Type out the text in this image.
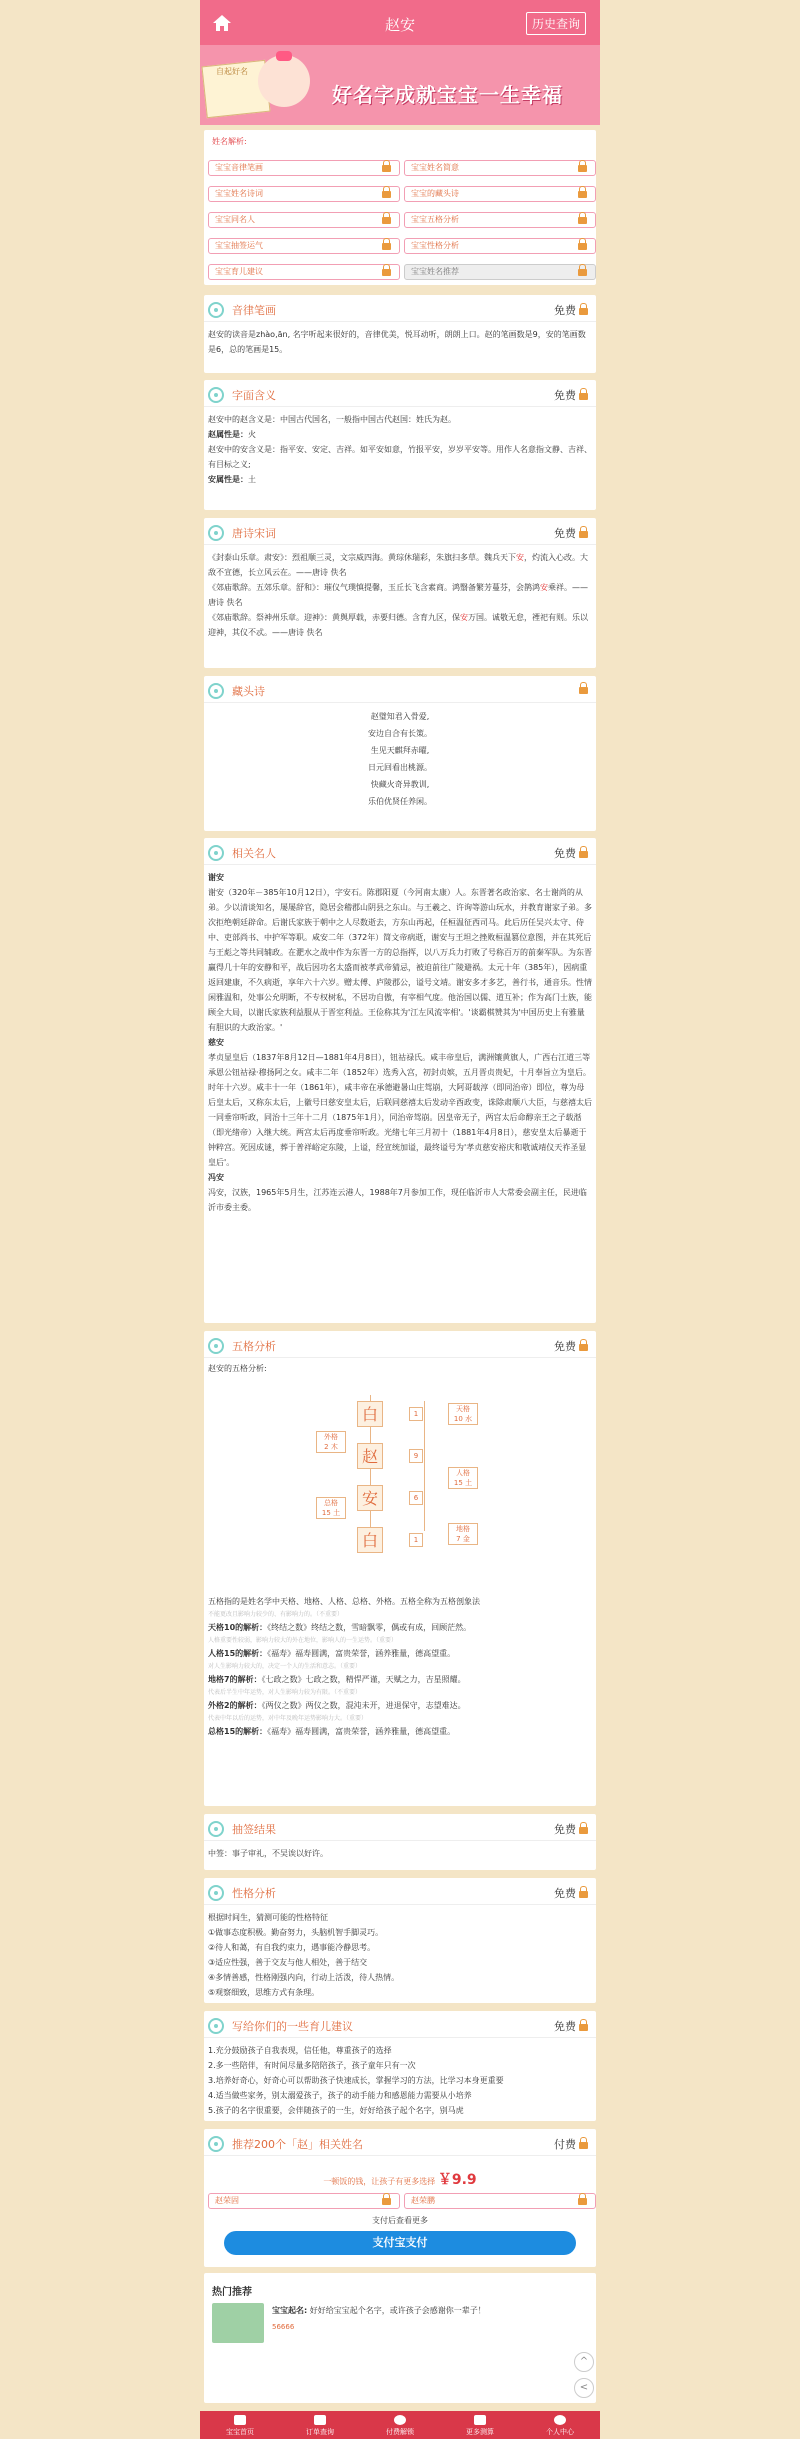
赵安	历史查询
自起好名
好名字成就宝宝一生幸福
姓名解析:
宝宝音律笔画	宝宝姓名简意
宝宝姓名诗词	宝宝的藏头诗
宝宝同名人	宝宝五格分析
宝宝抽签运气	宝宝性格分析
宝宝育儿建议	宝宝姓名推荐
音律笔画	免费
赵安的读音是zhào,ān, 名字听起来很好的，音律优美，悦耳动听，朗朗上口。赵的笔画数是9，安的笔画数是6，总的笔画是15。
字面含义	免费

赵安中的赵含义是：中国古代国名，一般指中国古代赵国：姓氏为赵。

赵属性是：火

赵安中的安含义是：指平安、安定、吉祥。如平安如意，竹报平安，岁岁平安等。用作人名意指文静、吉祥、有目标之义;

安属性是：土

唐诗宋词	免费

《封泰山乐章。肃安》：烈祖顺三灵，文宗威四海。黄琮休瑞彩，朱旗扫多草。魏兵天下安，灼流入心改。大敌不宣德，长立风云在。——唐诗 佚名

《郊庙歌辞。五郊乐章。舒和》：璀仪气璞慎提馨，玉丘长飞含素商。鸿翳备繁芳蔓芬，会鹊鸿安乘祥。——唐诗 佚名

《郊庙歌辞。祭神州乐章。迎神》：黄舆厚载，赤要归德。含育九区，保安万国。诚敬无怠，禋祀有则。乐以迎神，其仪不忒。——唐诗 佚名

藏头诗
赵璧知君入骨爱,
安边自合有长策。
生见天麒拜赤曜,
日元回看出桃源。
快藏火奇异教训,
乐伯优贤任养闲。
相关名人	免费

谢安

谢安（320年－385年10月12日），字安石。陈郡阳夏（今河南太康）人。东晋著名政治家、名士谢尚的从弟。少以清谈知名，屡屡辞官，隐居会稽郡山阴县之东山。与王羲之、许询等游山玩水，并教育谢家子弟。多次拒绝朝廷辟命。后谢氏家族于朝中之人尽数逝去，方东山再起，任桓温征西司马。此后历任吴兴太守、侍中、吏部尚书、中护军等职。咸安二年（372年）简文帝病逝，谢安与王坦之挫败桓温篡位意图，并在其死后与王彪之等共同辅政。在淝水之战中作为东晋一方的总指挥，以八万兵力打败了号称百万的前秦军队。为东晋赢得几十年的安静和平，战后因功名太盛而被孝武帝猜忌，被迫前往广陵避祸。太元十年（385年），因病重返回建康，不久病逝，享年六十六岁。赠太傅、庐陵郡公，谥号文靖。谢安多才多艺，善行书，通音乐。性情闲雅温和，处事公允明断，不专权树私，不居功自傲，有宰相气度。他治国以儒、道互补；作为高门士族，能顾全大局，以谢氏家族利益服从于晋室利益。王俭称其为'江左风流宰相'。'谈霸棋赞其为'中国历史上有雅量有胆识的大政治家。'

慈安

孝贞显皇后（1837年8月12日—1881年4月8日），钮祜禄氏。咸丰帝皇后，满洲镶黄旗人，广西右江道三等承恩公钮祜禄·穆扬阿之女。咸丰二年（1852年）选秀入宫，初封贞嫔，五月晋贞贵妃，十月奉旨立为皇后。时年十六岁。咸丰十一年（1861年），咸丰帝在承德避暑山庄驾崩，大阿哥载淳（即同治帝）即位，尊为母后皇太后，又称东太后，上徽号曰慈安皇太后，后联同慈禧太后发动辛酉政变，诛除肃顺八大臣，与慈禧太后一同垂帘听政，同治十三年十二月（1875年1月），同治帝驾崩。因皇帝无子，两宫太后命醇亲王之子载湉（即光绪帝）入继大统。两宫太后再度垂帘听政。光绪七年三月初十（1881年4月8日），慈安皇太后暴逝于钟粹宫。死因成谜，葬于普祥峪定东陵，上谥，经宣统加谥，最终谥号为'孝贞慈安裕庆和敬诚靖仪天祚圣显皇后'。

冯安

冯安，汉族，1965年5月生，江苏连云港人，1988年7月参加工作，现任临沂市人大常委会副主任，民进临沂市委主委。

五格分析	免费
赵安的五格分析:
白
赵
安
白
1
9
6
1
天格
10 水
人格
15 土
地格
7 金
外格
2 木
总格
15 土

五格指的是姓名学中天格、地格、人格、总格、外格。五格全称为五格剖象法

不能更改且影响力较少的、有影响力的。（不重要）

天格10的解析：《终结之数》终结之数，雪暗飘零，偶或有成，回顾茫然。

人格重要性较弱，影响力较大的外在地位，影响人的一生运势。（重要）

人格15的解析：《福寿》福寿圆满，富贵荣誉，涵养雅量，德高望重。

对人生影响力较大的，决定一个人的生活和意志。（重要）

地格7的解析：《七政之数》七政之数，精悍严谨，天赋之力，吉星照耀。

代表后半生中年运势，对人生影响力较为有限。（不重要）

外格2的解析：《两仪之数》两仪之数，混沌未开，进退保守，志望难达。

代表中年以后的运势，对中年及晚年运势影响力大。（重要）

总格15的解析：《福寿》福寿圆满，富贵荣誉，涵养雅量，德高望重。

抽签结果	免费
中签：事子审礼，不吴诶以好许。
性格分析	免费

根据时间生，猜测可能的性格特征

①做事态度积极。勤奋努力，头脑机智手脚灵巧。

②待人和蔼，有自我约束力，遇事能冷静思考。

③适应性强，善于交友与他人相处，善于结交

④多情善感，性格刚强内向，行动上活泼，待人热情。

⑤观察细致，思维方式有条理。

写给你们的一些育儿建议	免费

1.充分鼓励孩子自我表现，信任他，尊重孩子的选择

2.多一些陪伴，有时间尽量多陪陪孩子，孩子童年只有一次

3.培养好奇心，好奇心可以帮助孩子快速成长，掌握学习的方法，比学习本身更重要

4.适当做些家务，别太溺爱孩子，孩子的动手能力和感恩能力需要从小培养

5.孩子的名字很重要，会伴随孩子的一生，好好给孩子起个名字，别马虎

推荐200个「赵」相关姓名	付费
一顿饭的钱，让孩子有更多选择 ￥9.9
赵荣固	赵荣鹏
支付后查看更多
支付宝支付
热门推荐
宝宝起名: 好好给宝宝起个名字，或许孩子会感谢你一辈子！
56666
^
<
宝宝首页	订单查询	付费解锁	更多测算	个人中心
